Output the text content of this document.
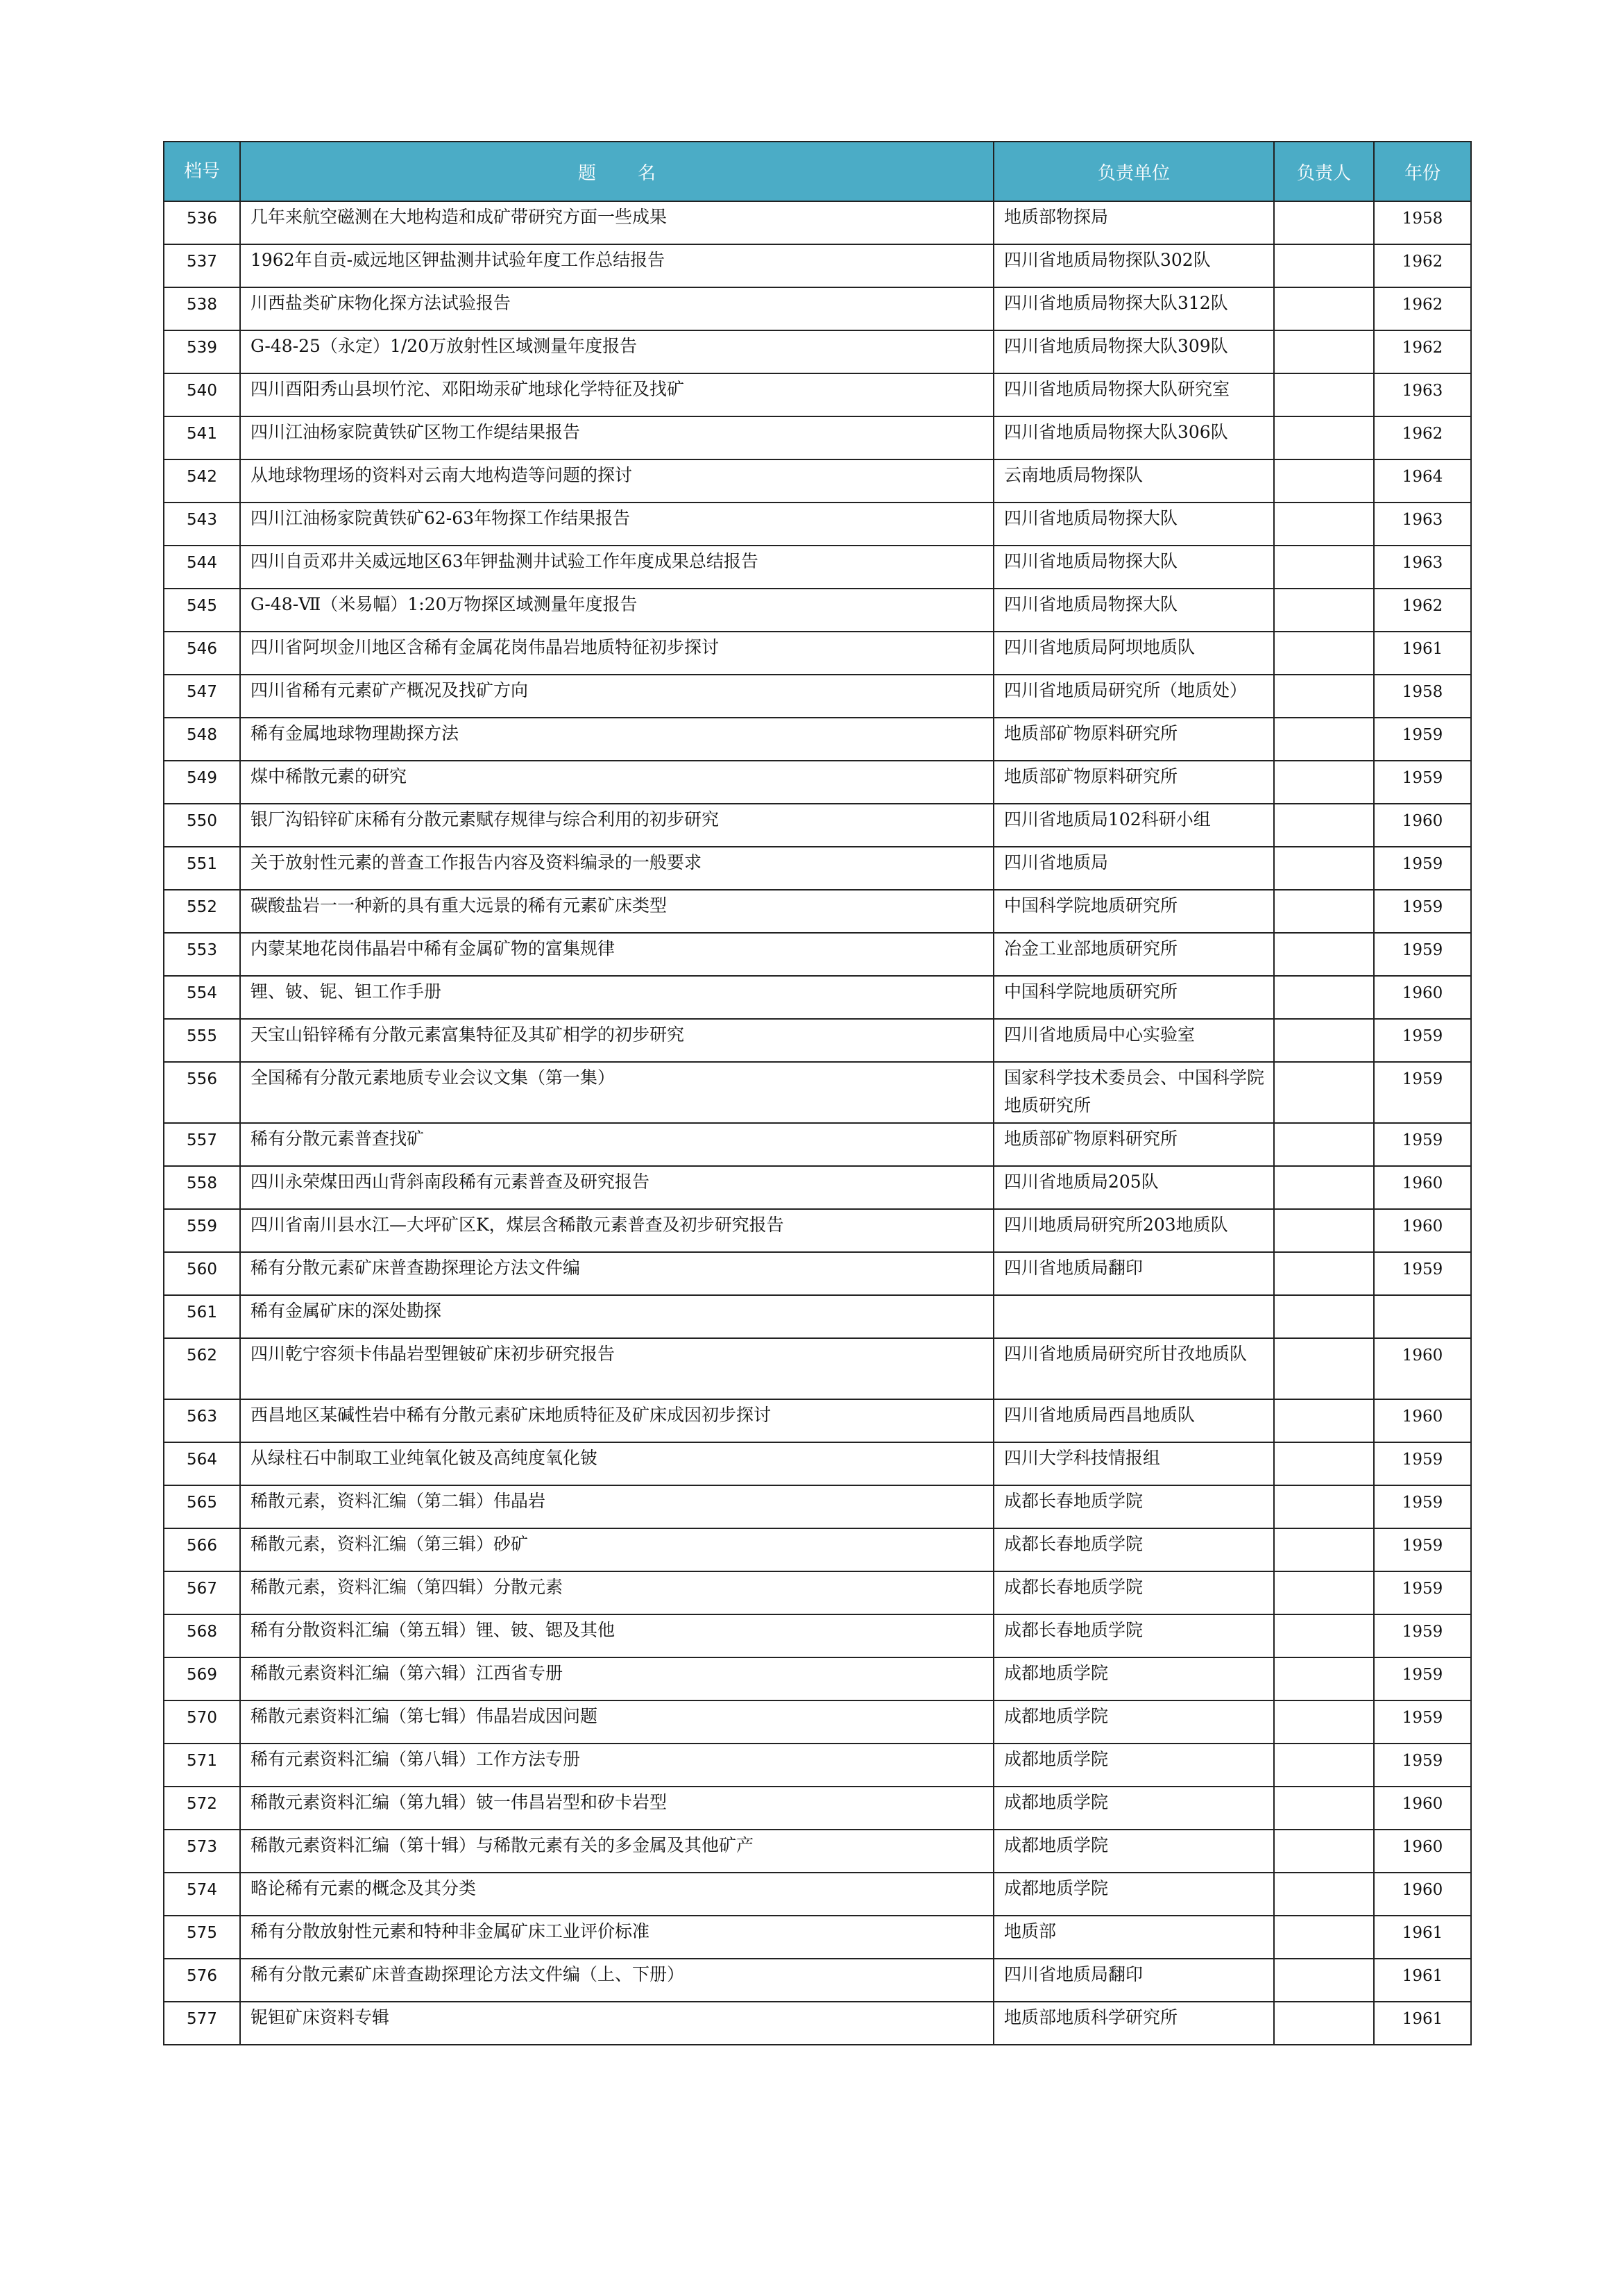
档号	题名	负责单位	负责人	年份
536	几年来航空磁测在大地构造和成矿带研究方面一些成果	地质部物探局		1958
537	1962年自贡-威远地区钾盐测井试验年度工作总结报告	四川省地质局物探队302队		1962
538	川西盐类矿床物化探方法试验报告	四川省地质局物探大队312队		1962
539	G-48-25（永定）1/20万放射性区域测量年度报告	四川省地质局物探大队309队		1962
540	四川酉阳秀山县坝竹沱、邓阳坳汞矿地球化学特征及找矿	四川省地质局物探大队研究室		1963
541	四川江油杨家院黄铁矿区物工作缇结果报告	四川省地质局物探大队306队		1962
542	从地球物理场的资料对云南大地构造等问题的探讨	云南地质局物探队		1964
543	四川江油杨家院黄铁矿62-63年物探工作结果报告	四川省地质局物探大队		1963
544	四川自贡邓井关威远地区63年钾盐测井试验工作年度成果总结报告	四川省地质局物探大队		1963
545	G-48-Ⅶ（米易幅）1:20万物探区域测量年度报告	四川省地质局物探大队		1962
546	四川省阿坝金川地区含稀有金属花岗伟晶岩地质特征初步探讨	四川省地质局阿坝地质队		1961
547	四川省稀有元素矿产概况及找矿方向	四川省地质局研究所（地质处）		1958
548	稀有金属地球物理勘探方法	地质部矿物原料研究所		1959
549	煤中稀散元素的研究	地质部矿物原料研究所		1959
550	银厂沟铅锌矿床稀有分散元素赋存规律与综合利用的初步研究	四川省地质局102科研小组		1960
551	关于放射性元素的普查工作报告内容及资料编录的一般要求	四川省地质局		1959
552	碳酸盐岩一一种新的具有重大远景的稀有元素矿床类型	中国科学院地质研究所		1959
553	内蒙某地花岗伟晶岩中稀有金属矿物的富集规律	冶金工业部地质研究所		1959
554	锂、铍、铌、钽工作手册	中国科学院地质研究所		1960
555	天宝山铅锌稀有分散元素富集特征及其矿相学的初步研究	四川省地质局中心实验室		1959
556	全国稀有分散元素地质专业会议文集（第一集）	国家科学技术委员会、中国科学院地质研究所		1959
557	稀有分散元素普查找矿	地质部矿物原料研究所		1959
558	四川永荣煤田西山背斜南段稀有元素普查及研究报告	四川省地质局205队		1960
559	四川省南川县水江—大坪矿区K，煤层含稀散元素普查及初步研究报告	四川地质局研究所203地质队		1960
560	稀有分散元素矿床普查勘探理论方法文件编	四川省地质局翻印		1959
561	稀有金属矿床的深处勘探			
562	四川乾宁容须卡伟晶岩型锂铍矿床初步研究报告	四川省地质局研究所甘孜地质队		1960
563	西昌地区某碱性岩中稀有分散元素矿床地质特征及矿床成因初步探讨	四川省地质局西昌地质队		1960
564	从绿柱石中制取工业纯氧化铍及高纯度氧化铍	四川大学科技情报组		1959
565	稀散元素，资料汇编（第二辑）伟晶岩	成都长春地质学院		1959
566	稀散元素，资料汇编（第三辑）砂矿	成都长春地质学院		1959
567	稀散元素，资料汇编（第四辑）分散元素	成都长春地质学院		1959
568	稀有分散资料汇编（第五辑）锂、铍、锶及其他	成都长春地质学院		1959
569	稀散元素资料汇编（第六辑）江西省专册	成都地质学院		1959
570	稀散元素资料汇编（第七辑）伟晶岩成因问题	成都地质学院		1959
571	稀有元素资料汇编（第八辑）工作方法专册	成都地质学院		1959
572	稀散元素资料汇编（第九辑）铍一伟昌岩型和矽卡岩型	成都地质学院		1960
573	稀散元素资料汇编（第十辑）与稀散元素有关的多金属及其他矿产	成都地质学院		1960
574	略论稀有元素的概念及其分类	成都地质学院		1960
575	稀有分散放射性元素和特种非金属矿床工业评价标准	地质部		1961
576	稀有分散元素矿床普查勘探理论方法文件编（上、下册）	四川省地质局翻印		1961
577	铌钽矿床资料专辑	地质部地质科学研究所		1961
